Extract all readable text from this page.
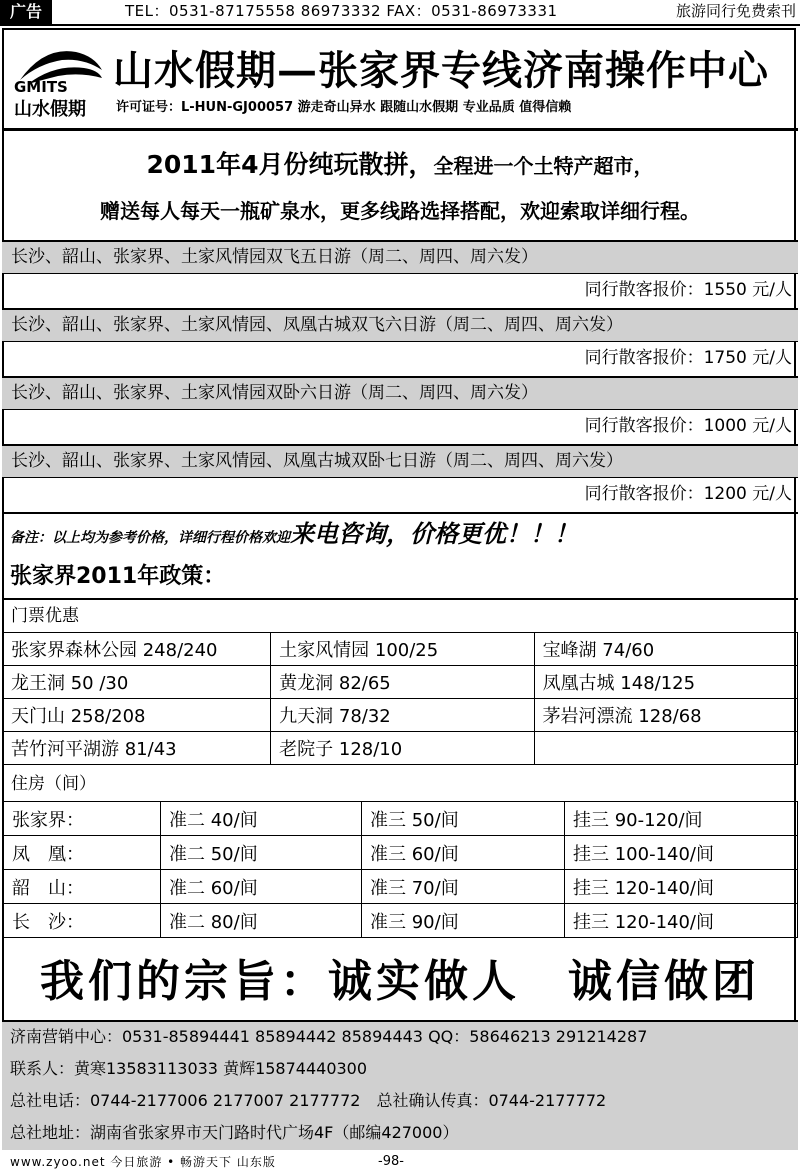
广告	TEL：0531-87175558 86973332 FAX：0531-86973331	旅游同行免费索刊
GMITS
山水假期
山水假期—张家界专线济南操作中心
许可证号：L-HUN-GJ00057 游走奇山异水 跟随山水假期 专业品质 值得信赖
2011年4月份纯玩散拼，全程进一个土特产超市，
赠送每人每天一瓶矿泉水，更多线路选择搭配，欢迎索取详细行程。
长沙、韶山、张家界、土家风情园双飞五日游（周二、周四、周六发）
同行散客报价：1550 元/人
长沙、韶山、张家界、土家风情园、凤凰古城双飞六日游（周二、周四、周六发）
同行散客报价：1750 元/人
长沙、韶山、张家界、土家风情园双卧六日游（周二、周四、周六发）
同行散客报价：1000 元/人
长沙、韶山、张家界、土家风情园、凤凰古城双卧七日游（周二、周四、周六发）
同行散客报价：1200 元/人
备注：以上均为参考价格，详细行程价格欢迎来电咨询，价格更优！！！
张家界2011年政策：
门票优惠
张家界森林公园 248/240	土家风情园 100/25	宝峰湖 74/60
龙王洞 50 /30	黄龙洞 82/65	凤凰古城 148/125
天门山 258/208	九天洞 78/32	茅岩河漂流 128/68
苦竹河平湖游 81/43	老院子 128/10	
住房（间）
张家界：	准二 40/间	准三 50/间	挂三 90-120/间
凤　凰：	准二 50/间	准三 60/间	挂三 100-140/间
韶　山：	准二 60/间	准三 70/间	挂三 120-140/间
长　沙：	准二 80/间	准三 90/间	挂三 120-140/间
我们的宗旨：诚实做人　诚信做团
济南营销中心：0531-85894441 85894442 85894443 QQ：58646213 291214287
联系人：黄寒13583113033 黄辉15874440300
总社电话：0744-2177006 2177007 2177772　总社确认传真：0744-2177772
总社地址：湖南省张家界市天门路时代广场4F（邮编427000）
www.zyoo.net 今日旅游 • 畅游天下 山东版	-98-
